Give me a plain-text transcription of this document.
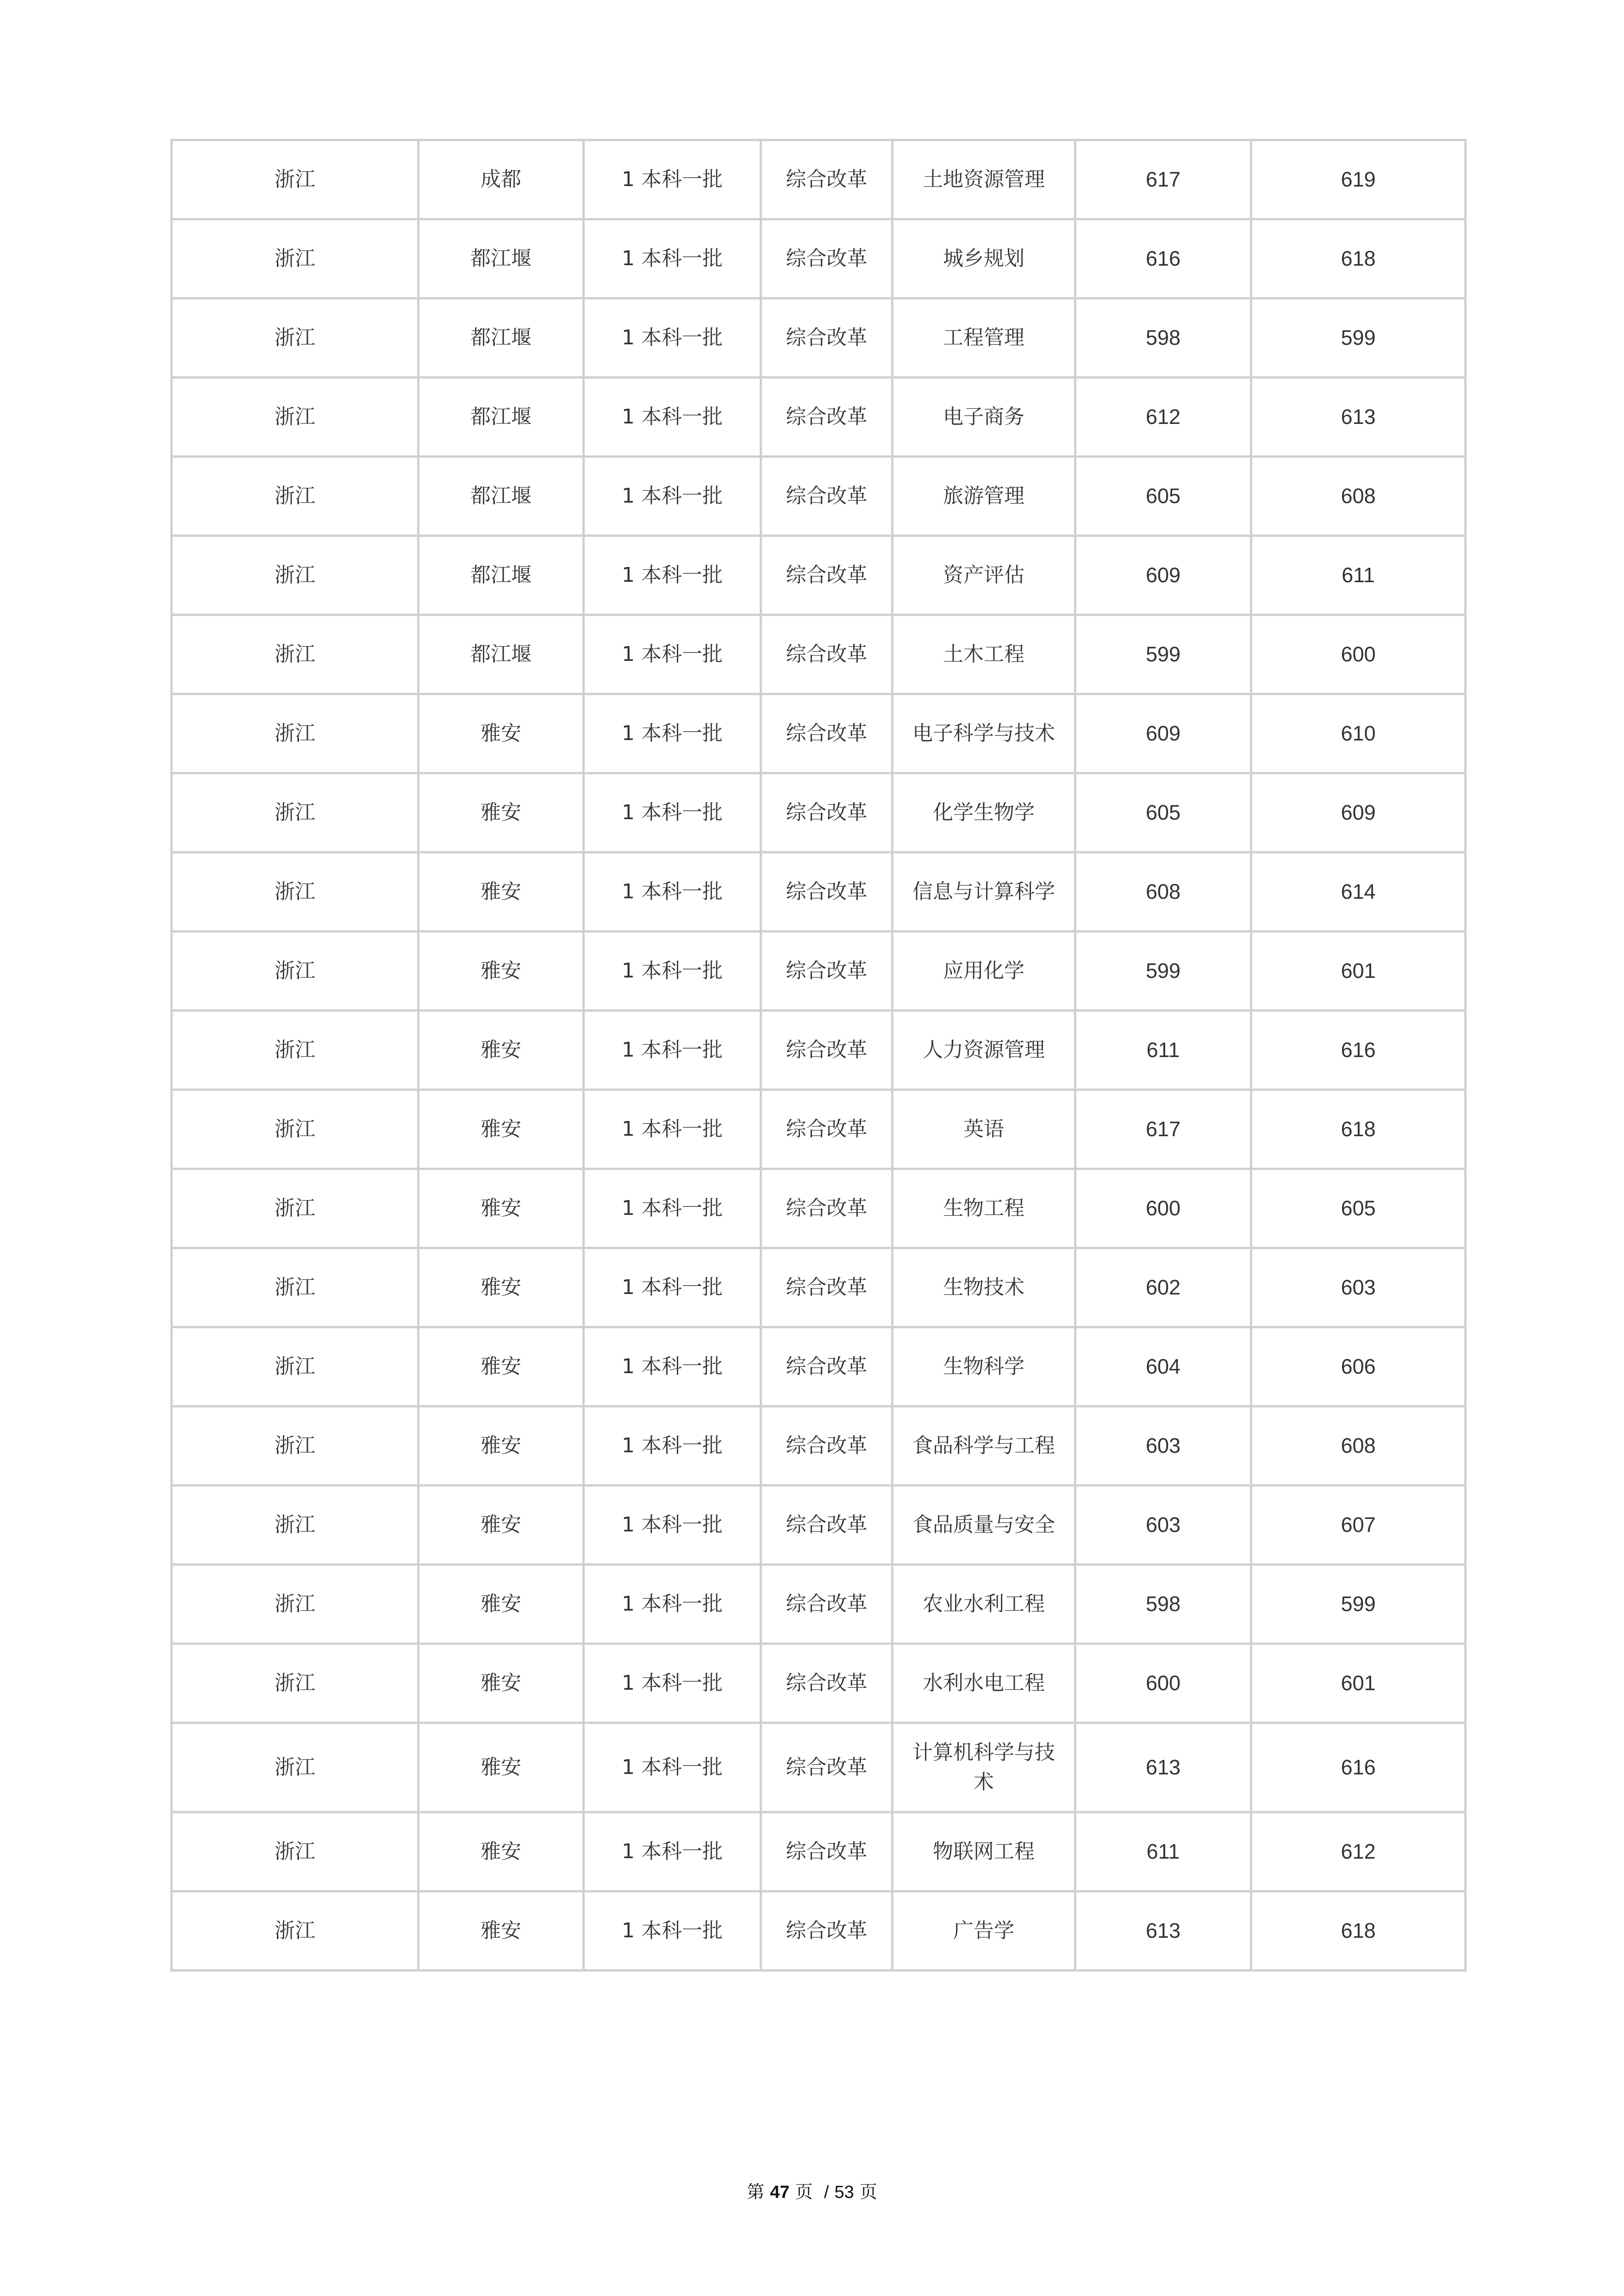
浙江	成都	1 本科一批	综合改革	土地资源管理	617	619
浙江	都江堰	1 本科一批	综合改革	城乡规划	616	618
浙江	都江堰	1 本科一批	综合改革	工程管理	598	599
浙江	都江堰	1 本科一批	综合改革	电子商务	612	613
浙江	都江堰	1 本科一批	综合改革	旅游管理	605	608
浙江	都江堰	1 本科一批	综合改革	资产评估	609	611
浙江	都江堰	1 本科一批	综合改革	土木工程	599	600
浙江	雅安	1 本科一批	综合改革	电子科学与技术	609	610
浙江	雅安	1 本科一批	综合改革	化学生物学	605	609
浙江	雅安	1 本科一批	综合改革	信息与计算科学	608	614
浙江	雅安	1 本科一批	综合改革	应用化学	599	601
浙江	雅安	1 本科一批	综合改革	人力资源管理	611	616
浙江	雅安	1 本科一批	综合改革	英语	617	618
浙江	雅安	1 本科一批	综合改革	生物工程	600	605
浙江	雅安	1 本科一批	综合改革	生物技术	602	603
浙江	雅安	1 本科一批	综合改革	生物科学	604	606
浙江	雅安	1 本科一批	综合改革	食品科学与工程	603	608
浙江	雅安	1 本科一批	综合改革	食品质量与安全	603	607
浙江	雅安	1 本科一批	综合改革	农业水利工程	598	599
浙江	雅安	1 本科一批	综合改革	水利水电工程	600	601
浙江	雅安	1 本科一批	综合改革	计算机科学与技术	613	616
浙江	雅安	1 本科一批	综合改革	物联网工程	611	612
浙江	雅安	1 本科一批	综合改革	广告学	613	618
第 47 页 / 53 页
